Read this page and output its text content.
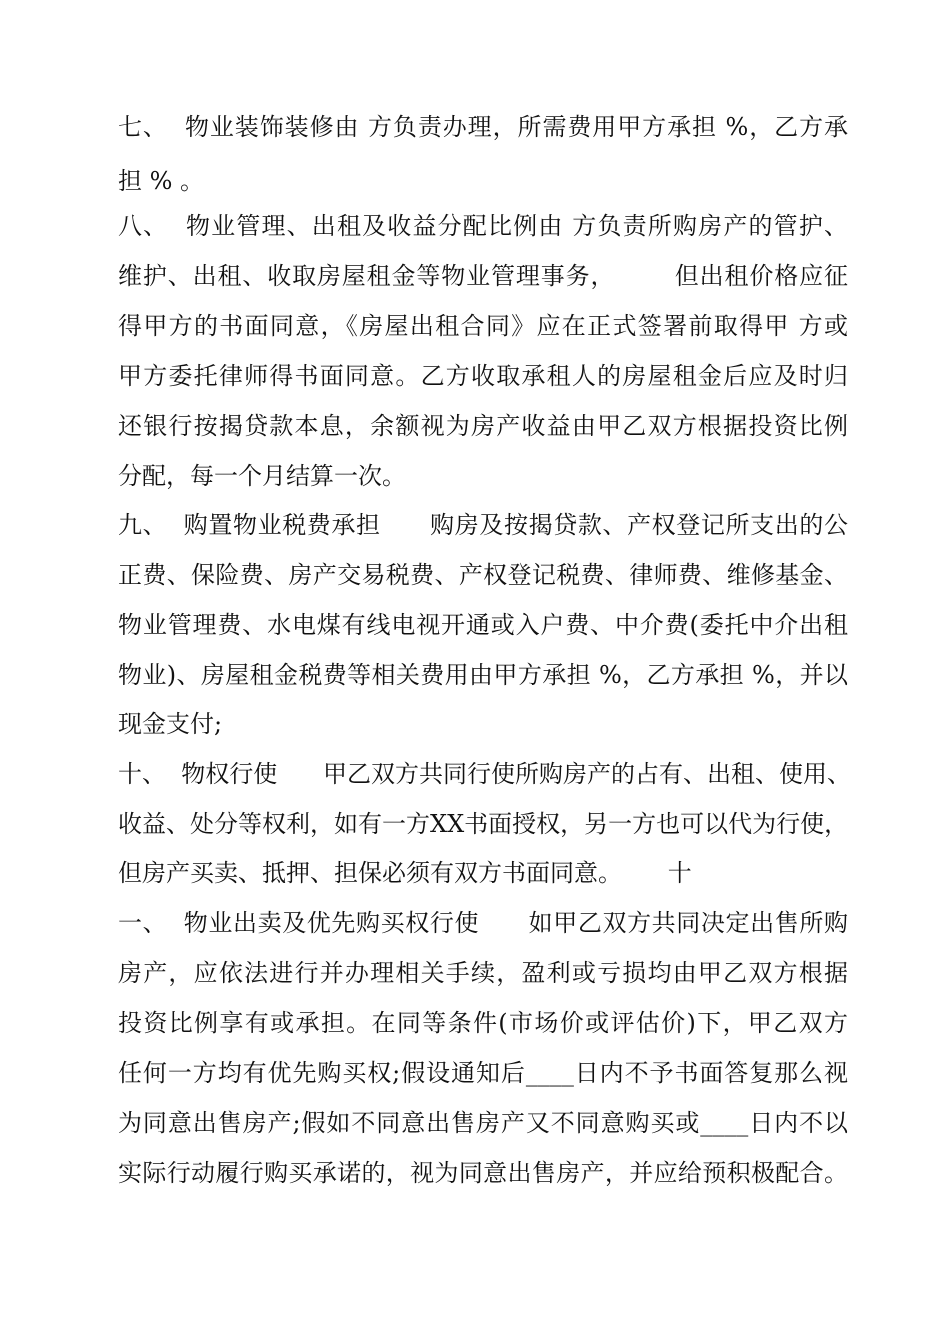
七、  物业装饰装修由 方负责办理，所需费用甲方承担 %，乙方承
担 % 。
八、  物业管理、出租及收益分配比例由 方负责所购房产的管护、
维护、出租、收取房屋租金等物业管理事务，       但出租价格应征
得甲方的书面同意，《房屋出租合同》应在正式签署前取得甲 方或
甲方委托律师得书面同意。乙方收取承租人的房屋租金后应及时归
还银行按揭贷款本息，余额视为房产收益由甲乙双方根据投资比例
分配，每一个月结算一次。
九、  购置物业税费承担      购房及按揭贷款、产权登记所支出的公
正费、保险费、房产交易税费、产权登记税费、律师费、维修基金、
物业管理费、水电煤有线电视开通或入户费、中介费(委托中介出租
物业)、房屋租金税费等相关费用由甲方承担 %，乙方承担 %，并以
现金支付;
十、  物权行使      甲乙双方共同行使所购房产的占有、出租、使用、
收益、处分等权利，如有一方XX书面授权，另一方也可以代为行使，
但房产买卖、抵押、担保必须有双方书面同意。      十
一、  物业出卖及优先购买权行使      如甲乙双方共同决定出售所购
房产，应依法进行并办理相关手续，盈利或亏损均由甲乙双方根据
投资比例享有或承担。在同等条件(市场价或评估价)下，甲乙双方
任何一方均有优先购买权;假设通知后____日内不予书面答复那么视
为同意出售房产;假如不同意出售房产又不同意购买或____日内不以
实际行动履行购买承诺的，视为同意出售房产，并应给预积极配合。
